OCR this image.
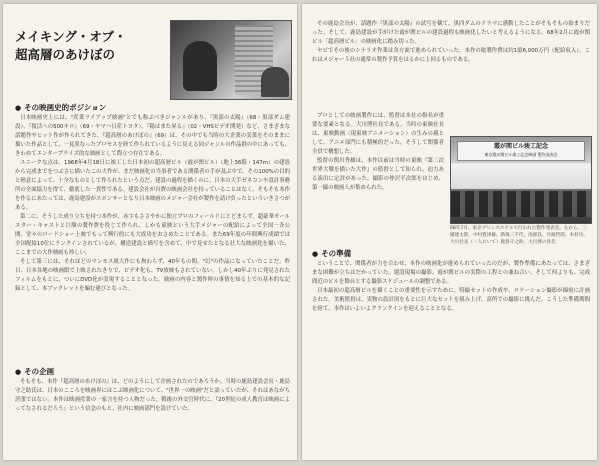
メイキング・オブ・
超高層のあけぼの
● その映画史的ポジション

日本映画史上には、"産業ライアップ映画"とでも称ぶべきジャンルがあり、『黒部の太陽』（68・黒部ダム建設）、『復活への500キロ』（69・ヤマハ日産トヨタ）、『陽はまた昇る』（02・VHSビデオ開発）など、さまざまな話題作やヒット作が作られてきた。『超高層のあけぼの』（69）は、その中でも当時の大企業の実業をそのままに描いた作品として、一見異なったプロセスを経て作られているように見える同ジャンルの作品群の中にあっても、きわめてエンタープライズ的な映画として際立つ存在である。

ユニークな点は、1968年4月18日に竣工した日本初の超高層ビル（霞が関ビル）（地上36階・147m）の建設から完成までをつぶさに描いたこの大作が、まだ映画化の当事者である関係者の手が及ぶ中で、その100%の目的と熱意によって、十全なものとして作られたという点だ。建設の過程を描くのに、日本の大手ゼネコンや設計事務所の全面協力を得て、徹底した一貫性である。建設会社が自費の映画会社を持っていることはなく、そもそも本作を作るにあたっては、鹿島建設がスポンサーとなり日本映画のメジャー会社が製作を請け負ったといういきさつがある。

第二に、そうした成り立ちを持つ本作が、赤字もささやかに独立プロのフィールドにとどまらず、超豪華オールスター・キャストと巨額の製作費を投じて作られ、しかも東映という大手メジャーの配給によって全国一斉公開、堂々のロードショー上映でもって興行的にも大成功をおさめたことである。また69年度の年間興行成績では全国配給10位にランクインされているが、構造建設と描写を含めて、中で見せたとなる壮大な映画化を描いた、ここまでの大作映画も珍しい。

そして第三には、それほどのマンモス級大作にも拘わらず、40年もの間、"幻"の作品になっていたことだ。昨日、日本各地の映画館で上映されたきりで、ビデオ化も、TV放映もされていない。しかし40年ぶりに発見されたフィルムをもとに、ついにDVD化が実現することとなった。映画の内容と製作時の事情を知る上での基本的な記録として、本ブックレットを編む運びとなった。

● その企画

そもそも、本作『超高層のあけぼの』は、どのようにして企画されたのであろうか。当時の鹿島建設会長・鹿島守之助氏は、日本のこころを映画界にはこぶ映画化について、"世界一の映画"だと語っていたが、それはあながち誇張ではない。本作は映画産業の一家言を持つ人物だった。戦後の外交官時代に、『20世紀の成人教育は映画によってなされるだろう』という信念のもと、社内に映画部門を設けていた。

その鹿島会長が、話題作『黒部の太陽』の試写を観て、黒四ダムのドラマに感動したことがそもそもの始まりだった。そして、鹿島建設が手がけた霞が関ビルの建設過程も映画化したいと考えるようになる。68年2月に霞が関ビル「超高層ビル」の映画化に踏み切った。

ヤビでその後のシナリオ作業は各方面で進められていった。本作の総製作費は約1億6,000万円（配給収入）。これはメジャー５社の通常の製作予算をはるかに上回るものである。

プロとしての映画製作には、監督は本社の指名が重要な要素となる。大川博社長である。当時の東映社長は、東映動画（現東映アニメーション）の生みの親として、アニメ部門にも積極的だった。そうして関係者全員で構想した。

監督の関川秀雄は、本作以前は当時の東映『第二次世界大戦を描いた大作』の監督として知られ、迫力ある演出に定評があった。撮影の仲沢半次郎をはじめ、第一線の映画人が集められた。

霞が関ビル竣工記念
東京霞が関ビル竣工記念映画 製作発表会
68年7月、東京プリンスホテルで行われた製作発表会。左から、三國連太郎、中村賀津雄、新珠三千代、池部良、丹波哲郎、木村功、大川社長（一人おいて）鹿島守之助、大川博の各氏
● その準備

ということで、関係者が力を合わせ、本作の映画化が進められていったのだが、製作準備にあたっては、さまざまな困難が立ちはだかっていた。建設現場の撮影、霞が関ビルの実際の工程との兼ね合い、そして何よりも、完成間近のビルを舞台とする撮影スケジュールの調整である。

日本最初の超高層ビルを描くことの重要性を示すために、特撮セットの作成や、ロケーション撮影が綿密に計画された。美術監督は、実物の設計図をもとに巨大なセットを組み上げ、高所での撮影に挑んだ。こうした準備期間を経て、本作はいよいよクランクインを迎えることとなる。
